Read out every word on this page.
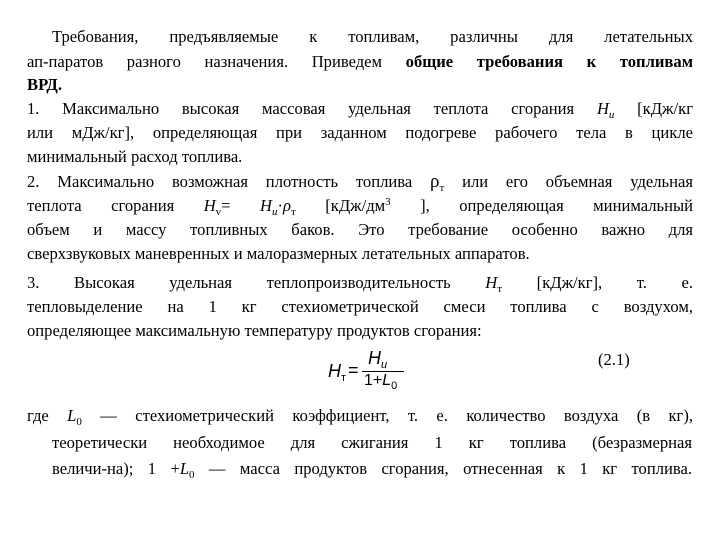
Требования, предъявляемые к топливам, различны для летательных
ап-паратов разного назначения. Приведем общие требования к топливам
ВРД.
1. Максимально высокая массовая удельная теплота сгорания $H_u$ [кДж/кг
или мДж/кг], определяющая при заданном подогреве рабочего тела в цикле
минимальный расход топлива.
2. Максимально возможная плотность топлива $\rho_т$ или его объемная удельная
теплота сгорания $H_v= H_u\cdot\rho_т$ [$кДж/дм^3$ ], определяющая минимальный
объем и массу топливных баков. Это требование особенно важно для
сверхзвуковых маневренных и малоразмерных летательных аппаратов.
3. Высокая удельная теплопроизводительность $H_т$ [кДж/кг], т. е.
тепловыделение на 1 кг стехиометрической смеси топлива с воздухом,
определяющее максимальную температуру продуктов сгорания:
$H_т$ =
$H_u$
$1+L_0$
(2.1)
где $L_0$ — стехиометрический коэффициент, т. е. количество воздуха (в кг),
теоретически необходимое для сжигания 1 кг топлива (безразмерная
величи-на); $1 +L_0$ — масса продуктов сгорания, отнесенная к 1 кг топлива.
